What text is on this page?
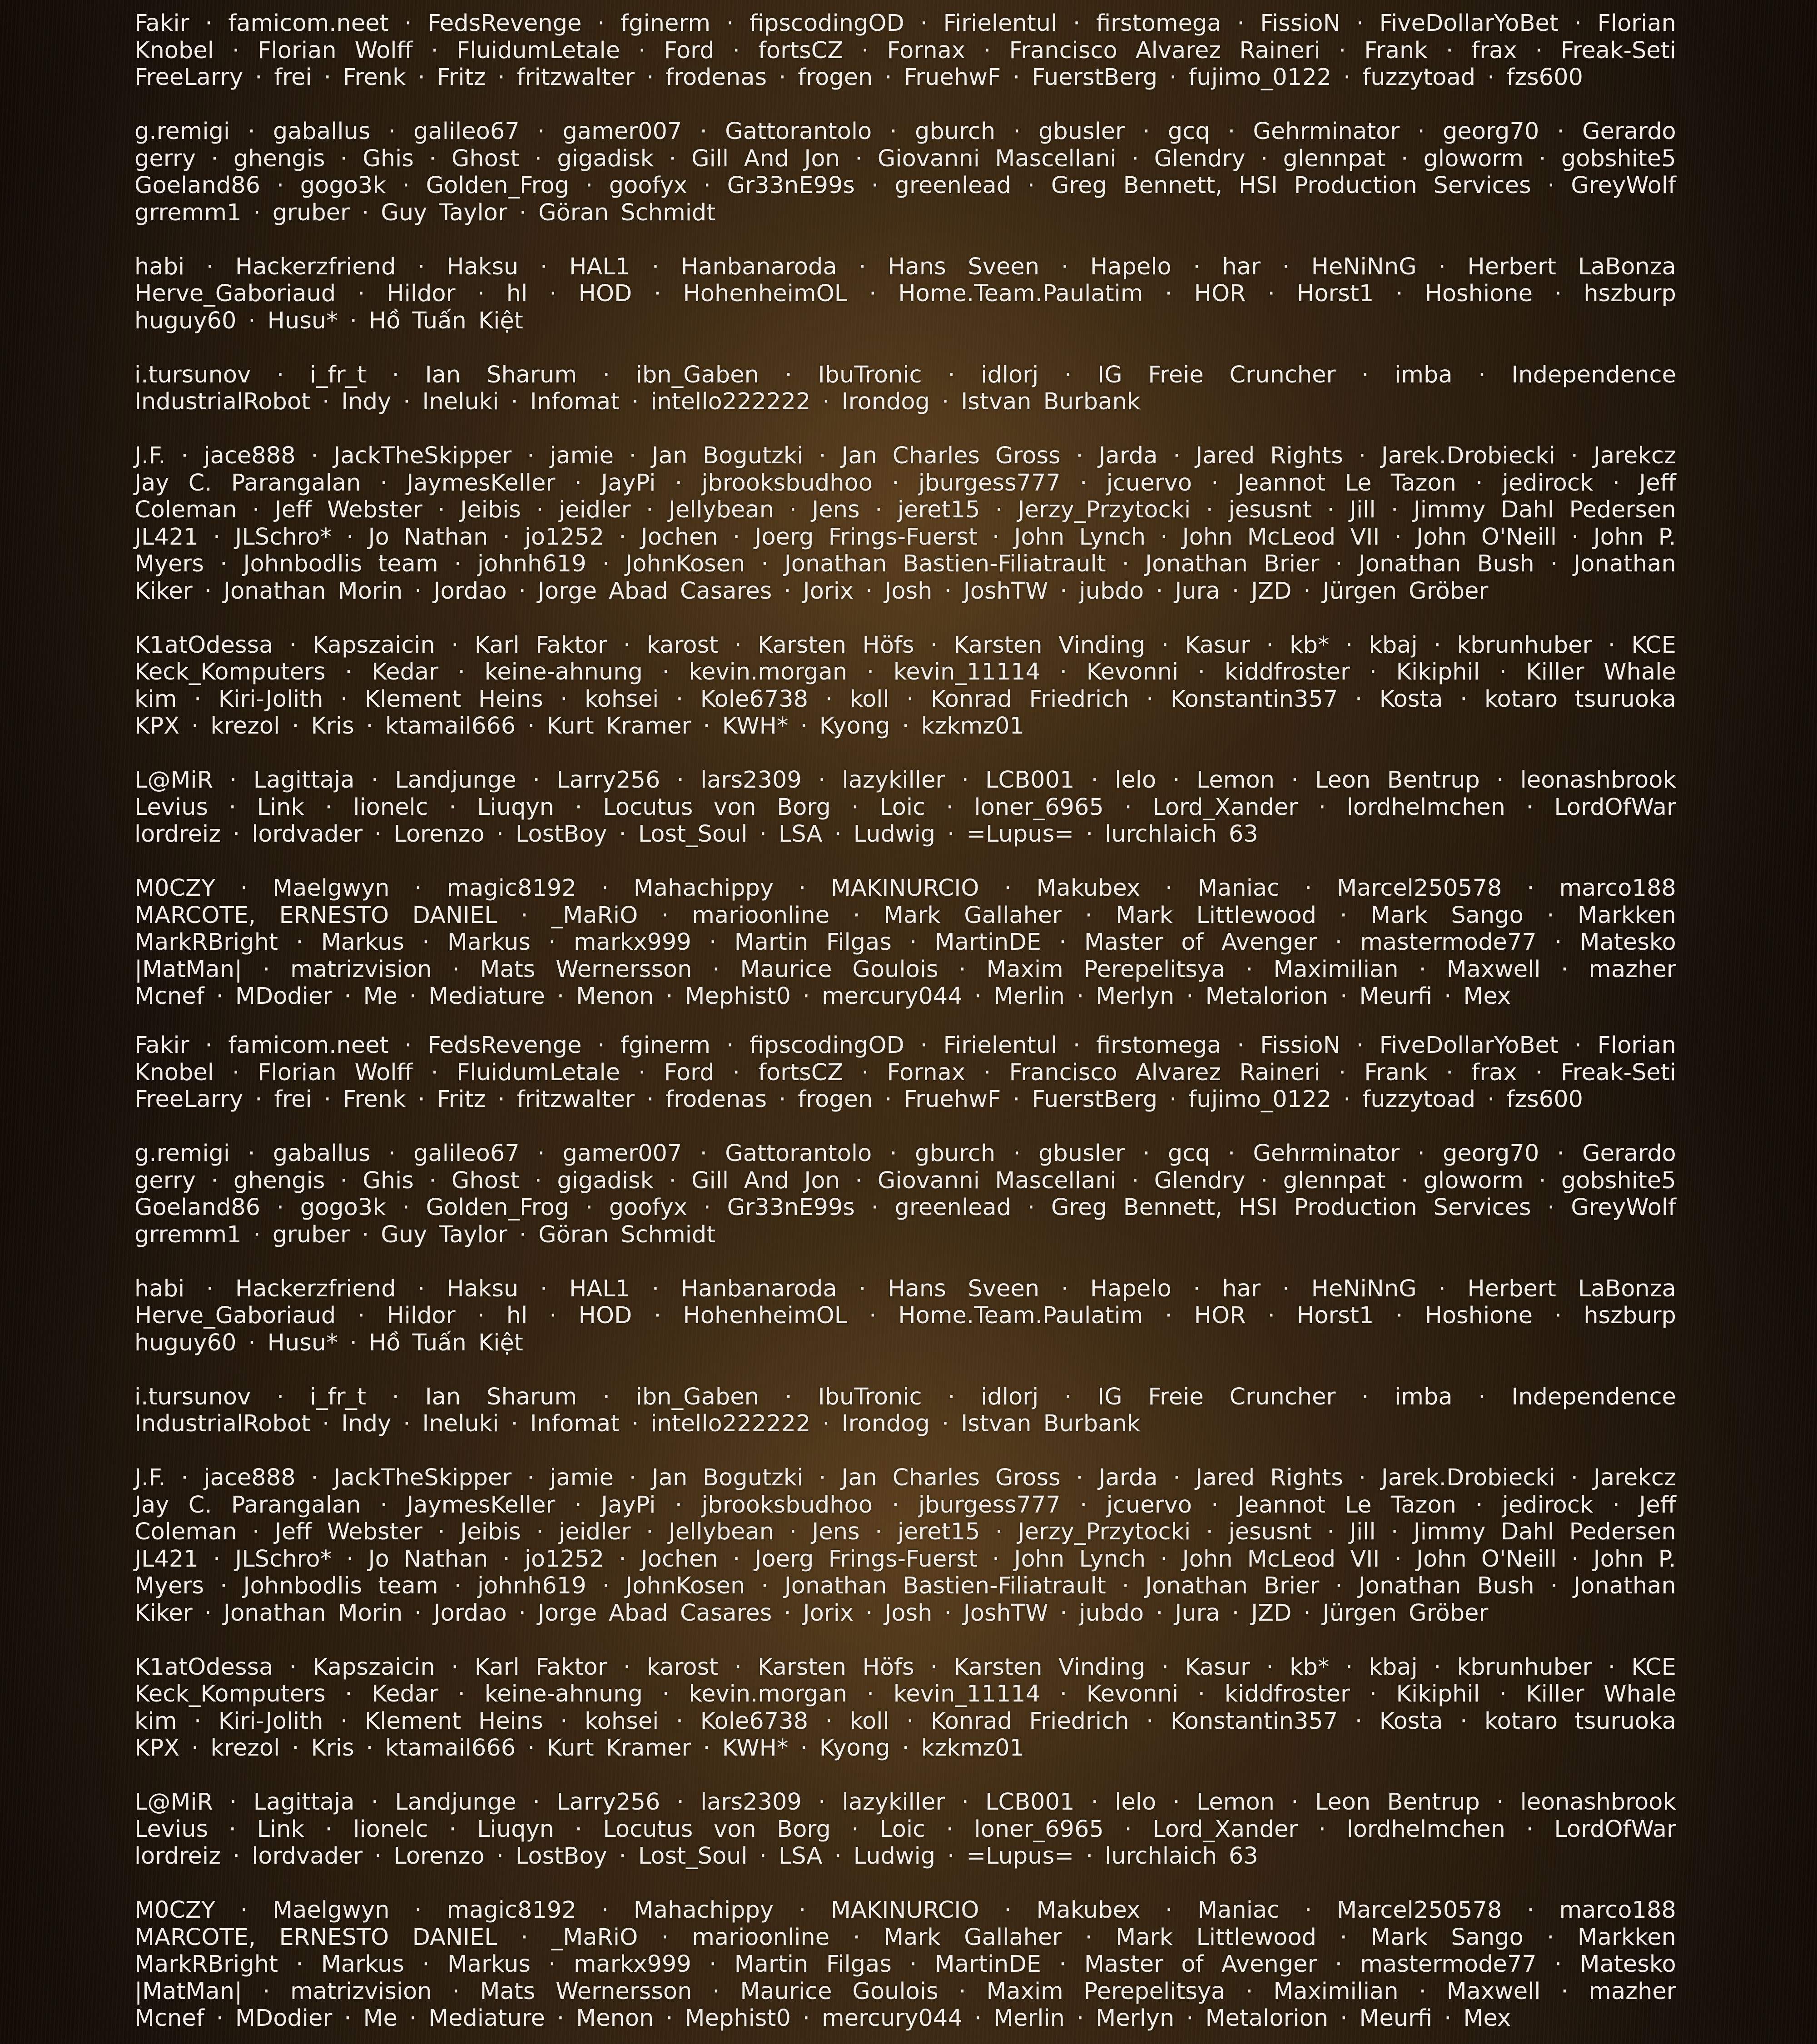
Fakir · famicom.neet · FedsRevenge · fginerm · fipscodingOD · Firielentul · firstomega · FissioN · FiveDollarYoBet · Florian
Knobel · Florian Wolff · FluidumLetale · Ford · fortsCZ · Fornax · Francisco Alvarez Raineri · Frank · frax · Freak-Seti
FreeLarry · frei · Frenk · Fritz · fritzwalter · frodenas · frogen · FruehwF · FuerstBerg · fujimo_0122 · fuzzytoad · fzs600
g.remigi · gaballus · galileo67 · gamer007 · Gattorantolo · gburch · gbusler · gcq · Gehrminator · georg70 · Gerardo
gerry · ghengis · Ghis · Ghost · gigadisk · Gill And Jon · Giovanni Mascellani · Glendry · glennpat · gloworm · gobshite5
Goeland86 · gogo3k · Golden_Frog · goofyx · Gr33nE99s · greenlead · Greg Bennett, HSI Production Services · GreyWolf
grremm1 · gruber · Guy Taylor · Göran Schmidt
habi · Hackerzfriend · Haksu · HAL1 · Hanbanaroda · Hans Sveen · Hapelo · har · HeNiNnG · Herbert LaBonza
Herve_Gaboriaud · Hildor · hl · HOD · HohenheimOL · Home.Team.Paulatim · HOR · Horst1 · Hoshione · hszburp
huguy60 · Husu* · Hồ Tuấn Kiệt
i.tursunov · i_fr_t · Ian Sharum · ibn_Gaben · IbuTronic · idlorj · IG Freie Cruncher · imba · Independence
IndustrialRobot · Indy · Ineluki · Infomat · intello222222 · Irondog · Istvan Burbank
J.F. · jace888 · JackTheSkipper · jamie · Jan Bogutzki · Jan Charles Gross · Jarda · Jared Rights · Jarek.Drobiecki · Jarekcz
Jay C. Parangalan · JaymesKeller · JayPi · jbrooksbudhoo · jburgess777 · jcuervo · Jeannot Le Tazon · jedirock · Jeff
Coleman · Jeff Webster · Jeibis · jeidler · Jellybean · Jens · jeret15 · Jerzy_Przytocki · jesusnt · Jill · Jimmy Dahl Pedersen
JL421 · JLSchro* · Jo Nathan · jo1252 · Jochen · Joerg Frings-Fuerst · John Lynch · John McLeod VII · John O'Neill · John P.
Myers · Johnbodlis team · johnh619 · JohnKosen · Jonathan Bastien-Filiatrault · Jonathan Brier · Jonathan Bush · Jonathan
Kiker · Jonathan Morin · Jordao · Jorge Abad Casares · Jorix · Josh · JoshTW · jubdo · Jura · JZD · Jürgen Gröber
K1atOdessa · Kapszaicin · Karl Faktor · karost · Karsten Höfs · Karsten Vinding · Kasur · kb* · kbaj · kbrunhuber · KCE
Keck_Komputers · Kedar · keine-ahnung · kevin.morgan · kevin_11114 · Kevonni · kiddfroster · Kikiphil · Killer Whale
kim · Kiri-Jolith · Klement Heins · kohsei · Kole6738 · koll · Konrad Friedrich · Konstantin357 · Kosta · kotaro tsuruoka
KPX · krezol · Kris · ktamail666 · Kurt Kramer · KWH* · Kyong · kzkmz01
L@MiR · Lagittaja · Landjunge · Larry256 · lars2309 · lazykiller · LCB001 · lelo · Lemon · Leon Bentrup · leonashbrook
Levius · Link · lionelc · Liuqyn · Locutus von Borg · Loic · loner_6965 · Lord_Xander · lordhelmchen · LordOfWar
lordreiz · lordvader · Lorenzo · LostBoy · Lost_Soul · LSA · Ludwig · =Lupus= · lurchlaich 63
M0CZY · Maelgwyn · magic8192 · Mahachippy · MAKINURCIO · Makubex · Maniac · Marcel250578 · marco188
MARCOTE, ERNESTO DANIEL · _MaRiO · marioonline · Mark Gallaher · Mark Littlewood · Mark Sango · Markken
MarkRBright · Markus · Markus · markx999 · Martin Filgas · MartinDE · Master of Avenger · mastermode77 · Matesko
|MatMan| · matrizvision · Mats Wernersson · Maurice Goulois · Maxim Perepelitsya · Maximilian · Maxwell · mazher
Mcnef · MDodier · Me · Mediature · Menon · Mephist0 · mercury044 · Merlin · Merlyn · Metalorion · Meurfi · Mex
Fakir · famicom.neet · FedsRevenge · fginerm · fipscodingOD · Firielentul · firstomega · FissioN · FiveDollarYoBet · Florian
Knobel · Florian Wolff · FluidumLetale · Ford · fortsCZ · Fornax · Francisco Alvarez Raineri · Frank · frax · Freak-Seti
FreeLarry · frei · Frenk · Fritz · fritzwalter · frodenas · frogen · FruehwF · FuerstBerg · fujimo_0122 · fuzzytoad · fzs600
g.remigi · gaballus · galileo67 · gamer007 · Gattorantolo · gburch · gbusler · gcq · Gehrminator · georg70 · Gerardo
gerry · ghengis · Ghis · Ghost · gigadisk · Gill And Jon · Giovanni Mascellani · Glendry · glennpat · gloworm · gobshite5
Goeland86 · gogo3k · Golden_Frog · goofyx · Gr33nE99s · greenlead · Greg Bennett, HSI Production Services · GreyWolf
grremm1 · gruber · Guy Taylor · Göran Schmidt
habi · Hackerzfriend · Haksu · HAL1 · Hanbanaroda · Hans Sveen · Hapelo · har · HeNiNnG · Herbert LaBonza
Herve_Gaboriaud · Hildor · hl · HOD · HohenheimOL · Home.Team.Paulatim · HOR · Horst1 · Hoshione · hszburp
huguy60 · Husu* · Hồ Tuấn Kiệt
i.tursunov · i_fr_t · Ian Sharum · ibn_Gaben · IbuTronic · idlorj · IG Freie Cruncher · imba · Independence
IndustrialRobot · Indy · Ineluki · Infomat · intello222222 · Irondog · Istvan Burbank
J.F. · jace888 · JackTheSkipper · jamie · Jan Bogutzki · Jan Charles Gross · Jarda · Jared Rights · Jarek.Drobiecki · Jarekcz
Jay C. Parangalan · JaymesKeller · JayPi · jbrooksbudhoo · jburgess777 · jcuervo · Jeannot Le Tazon · jedirock · Jeff
Coleman · Jeff Webster · Jeibis · jeidler · Jellybean · Jens · jeret15 · Jerzy_Przytocki · jesusnt · Jill · Jimmy Dahl Pedersen
JL421 · JLSchro* · Jo Nathan · jo1252 · Jochen · Joerg Frings-Fuerst · John Lynch · John McLeod VII · John O'Neill · John P.
Myers · Johnbodlis team · johnh619 · JohnKosen · Jonathan Bastien-Filiatrault · Jonathan Brier · Jonathan Bush · Jonathan
Kiker · Jonathan Morin · Jordao · Jorge Abad Casares · Jorix · Josh · JoshTW · jubdo · Jura · JZD · Jürgen Gröber
K1atOdessa · Kapszaicin · Karl Faktor · karost · Karsten Höfs · Karsten Vinding · Kasur · kb* · kbaj · kbrunhuber · KCE
Keck_Komputers · Kedar · keine-ahnung · kevin.morgan · kevin_11114 · Kevonni · kiddfroster · Kikiphil · Killer Whale
kim · Kiri-Jolith · Klement Heins · kohsei · Kole6738 · koll · Konrad Friedrich · Konstantin357 · Kosta · kotaro tsuruoka
KPX · krezol · Kris · ktamail666 · Kurt Kramer · KWH* · Kyong · kzkmz01
L@MiR · Lagittaja · Landjunge · Larry256 · lars2309 · lazykiller · LCB001 · lelo · Lemon · Leon Bentrup · leonashbrook
Levius · Link · lionelc · Liuqyn · Locutus von Borg · Loic · loner_6965 · Lord_Xander · lordhelmchen · LordOfWar
lordreiz · lordvader · Lorenzo · LostBoy · Lost_Soul · LSA · Ludwig · =Lupus= · lurchlaich 63
M0CZY · Maelgwyn · magic8192 · Mahachippy · MAKINURCIO · Makubex · Maniac · Marcel250578 · marco188
MARCOTE, ERNESTO DANIEL · _MaRiO · marioonline · Mark Gallaher · Mark Littlewood · Mark Sango · Markken
MarkRBright · Markus · Markus · markx999 · Martin Filgas · MartinDE · Master of Avenger · mastermode77 · Matesko
|MatMan| · matrizvision · Mats Wernersson · Maurice Goulois · Maxim Perepelitsya · Maximilian · Maxwell · mazher
Mcnef · MDodier · Me · Mediature · Menon · Mephist0 · mercury044 · Merlin · Merlyn · Metalorion · Meurfi · Mex
